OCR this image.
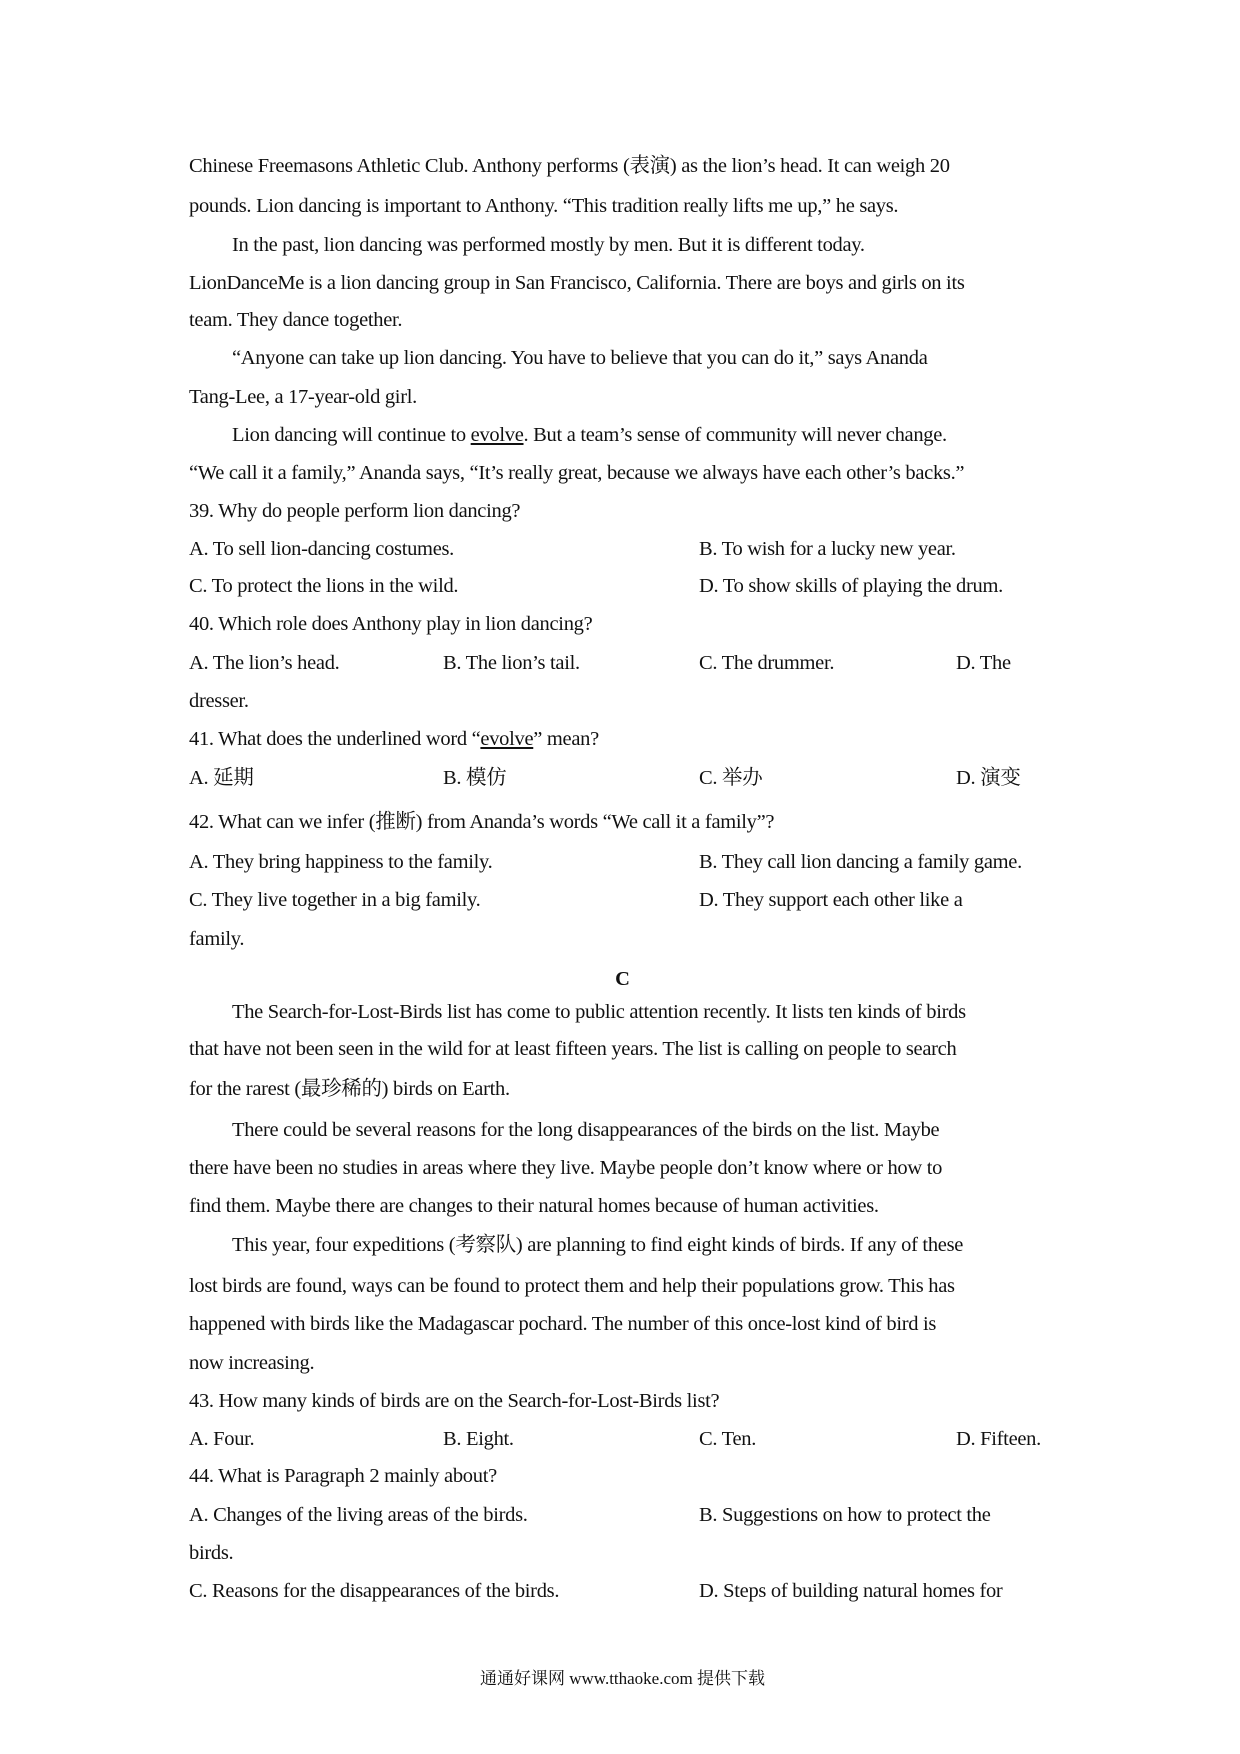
Chinese Freemasons Athletic Club. Anthony performs (表演) as the lion’s head. It can weigh 20
pounds. Lion dancing is important to Anthony. “This tradition really lifts me up,” he says.
In the past, lion dancing was performed mostly by men. But it is different today.
LionDanceMe is a lion dancing group in San Francisco, California. There are boys and girls on its
team. They dance together.
“Anyone can take up lion dancing. You have to believe that you can do it,” says Ananda
Tang-Lee, a 17-year-old girl.
Lion dancing will continue to evolve. But a team’s sense of community will never change.
“We call it a family,” Ananda says, “It’s really great, because we always have each other’s backs.”
39. Why do people perform lion dancing?
A. To sell lion-dancing costumes.	B. To wish for a lucky new year.
C. To protect the lions in the wild.	D. To show skills of playing the drum.
40. Which role does Anthony play in lion dancing?
A. The lion’s head.	B. The lion’s tail.	C. The drummer.	D. The
dresser.
41. What does the underlined word “evolve” mean?
A. 延期	B. 模仿	C. 举办	D. 演变
42. What can we infer (推断) from Ananda’s words “We call it a family”?
A. They bring happiness to the family.	B. They call lion dancing a family game.
C. They live together in a big family.	D. They support each other like a
family.
C
The Search-for-Lost-Birds list has come to public attention recently. It lists ten kinds of birds
that have not been seen in the wild for at least fifteen years. The list is calling on people to search
for the rarest (最珍稀的) birds on Earth.
There could be several reasons for the long disappearances of the birds on the list. Maybe
there have been no studies in areas where they live. Maybe people don’t know where or how to
find them. Maybe there are changes to their natural homes because of human activities.
This year, four expeditions (考察队) are planning to find eight kinds of birds. If any of these
lost birds are found, ways can be found to protect them and help their populations grow. This has
happened with birds like the Madagascar pochard. The number of this once-lost kind of bird is
now increasing.
43. How many kinds of birds are on the Search-for-Lost-Birds list?
A. Four.	B. Eight.	C. Ten.	D. Fifteen.
44. What is Paragraph 2 mainly about?
A. Changes of the living areas of the birds.	B. Suggestions on how to protect the
birds.
C. Reasons for the disappearances of the birds.	D. Steps of building natural homes for
通通好课网 www.tthaoke.com 提供下载
